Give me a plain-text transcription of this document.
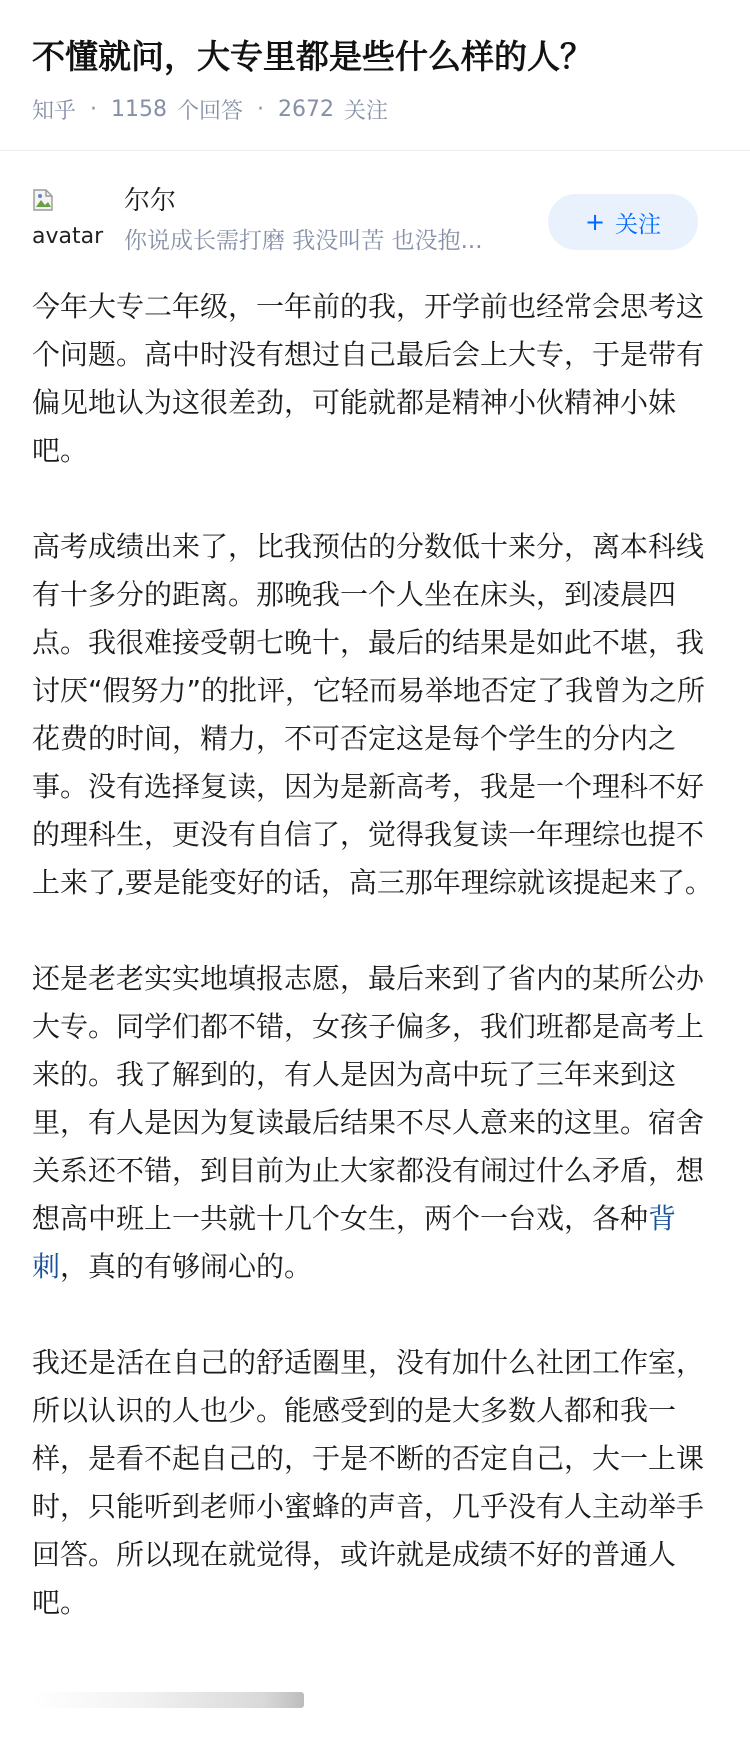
不懂就问，大专里都是些什么样的人？
知乎 · 1158 个回答 · 2672 关注
avatar
尔尔
你说成长需打磨 我没叫苦 也没抱...
+ 关注

今年大专二年级，一年前的我，开学前也经常会思考这个问题。高中时没有想过自己最后会上大专，于是带有偏见地认为这很差劲，可能就都是精神小伙精神小妹吧。

高考成绩出来了，比我预估的分数低十来分，离本科线有十多分的距离。那晚我一个人坐在床头，到凌晨四点。我很难接受朝七晚十，最后的结果是如此不堪，我讨厌“假努力”的批评，它轻而易举地否定了我曾为之所花费的时间，精力，不可否定这是每个学生的分内之事。没有选择复读，因为是新高考，我是一个理科不好的理科生，更没有自信了，觉得我复读一年理综也提不上来了,要是能变好的话，高三那年理综就该提起来了。

还是老老实实地填报志愿，最后来到了省内的某所公办大专。同学们都不错，女孩子偏多，我们班都是高考上来的。我了解到的，有人是因为高中玩了三年来到这里，有人是因为复读最后结果不尽人意来的这里。宿舍关系还不错，到目前为止大家都没有闹过什么矛盾，想想高中班上一共就十几个女生，两个一台戏，各种背刺，真的有够闹心的。

我还是活在自己的舒适圈里，没有加什么社团工作室，所以认识的人也少。能感受到的是大多数人都和我一样，是看不起自己的，于是不断的否定自己，大一上课时，只能听到老师小蜜蜂的声音，几乎没有人主动举手回答。所以现在就觉得，或许就是成绩不好的普通人吧。
